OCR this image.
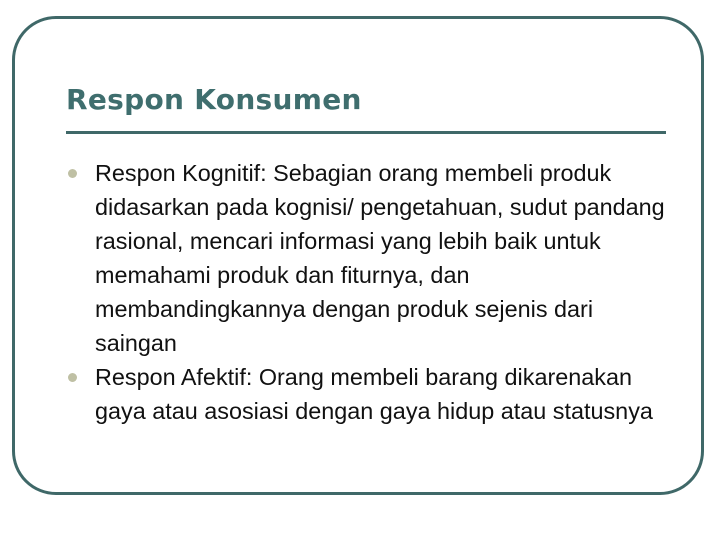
Respon Konsumen
Respon Kognitif: Sebagian orang membeli produk didasarkan pada kognisi/ pengetahuan, sudut pandang rasional, mencari informasi yang lebih baik untuk memahami produk dan fiturnya, dan membandingkannya dengan produk sejenis dari saingan
Respon Afektif: Orang membeli barang dikarenakan gaya atau asosiasi dengan gaya hidup atau statusnya
